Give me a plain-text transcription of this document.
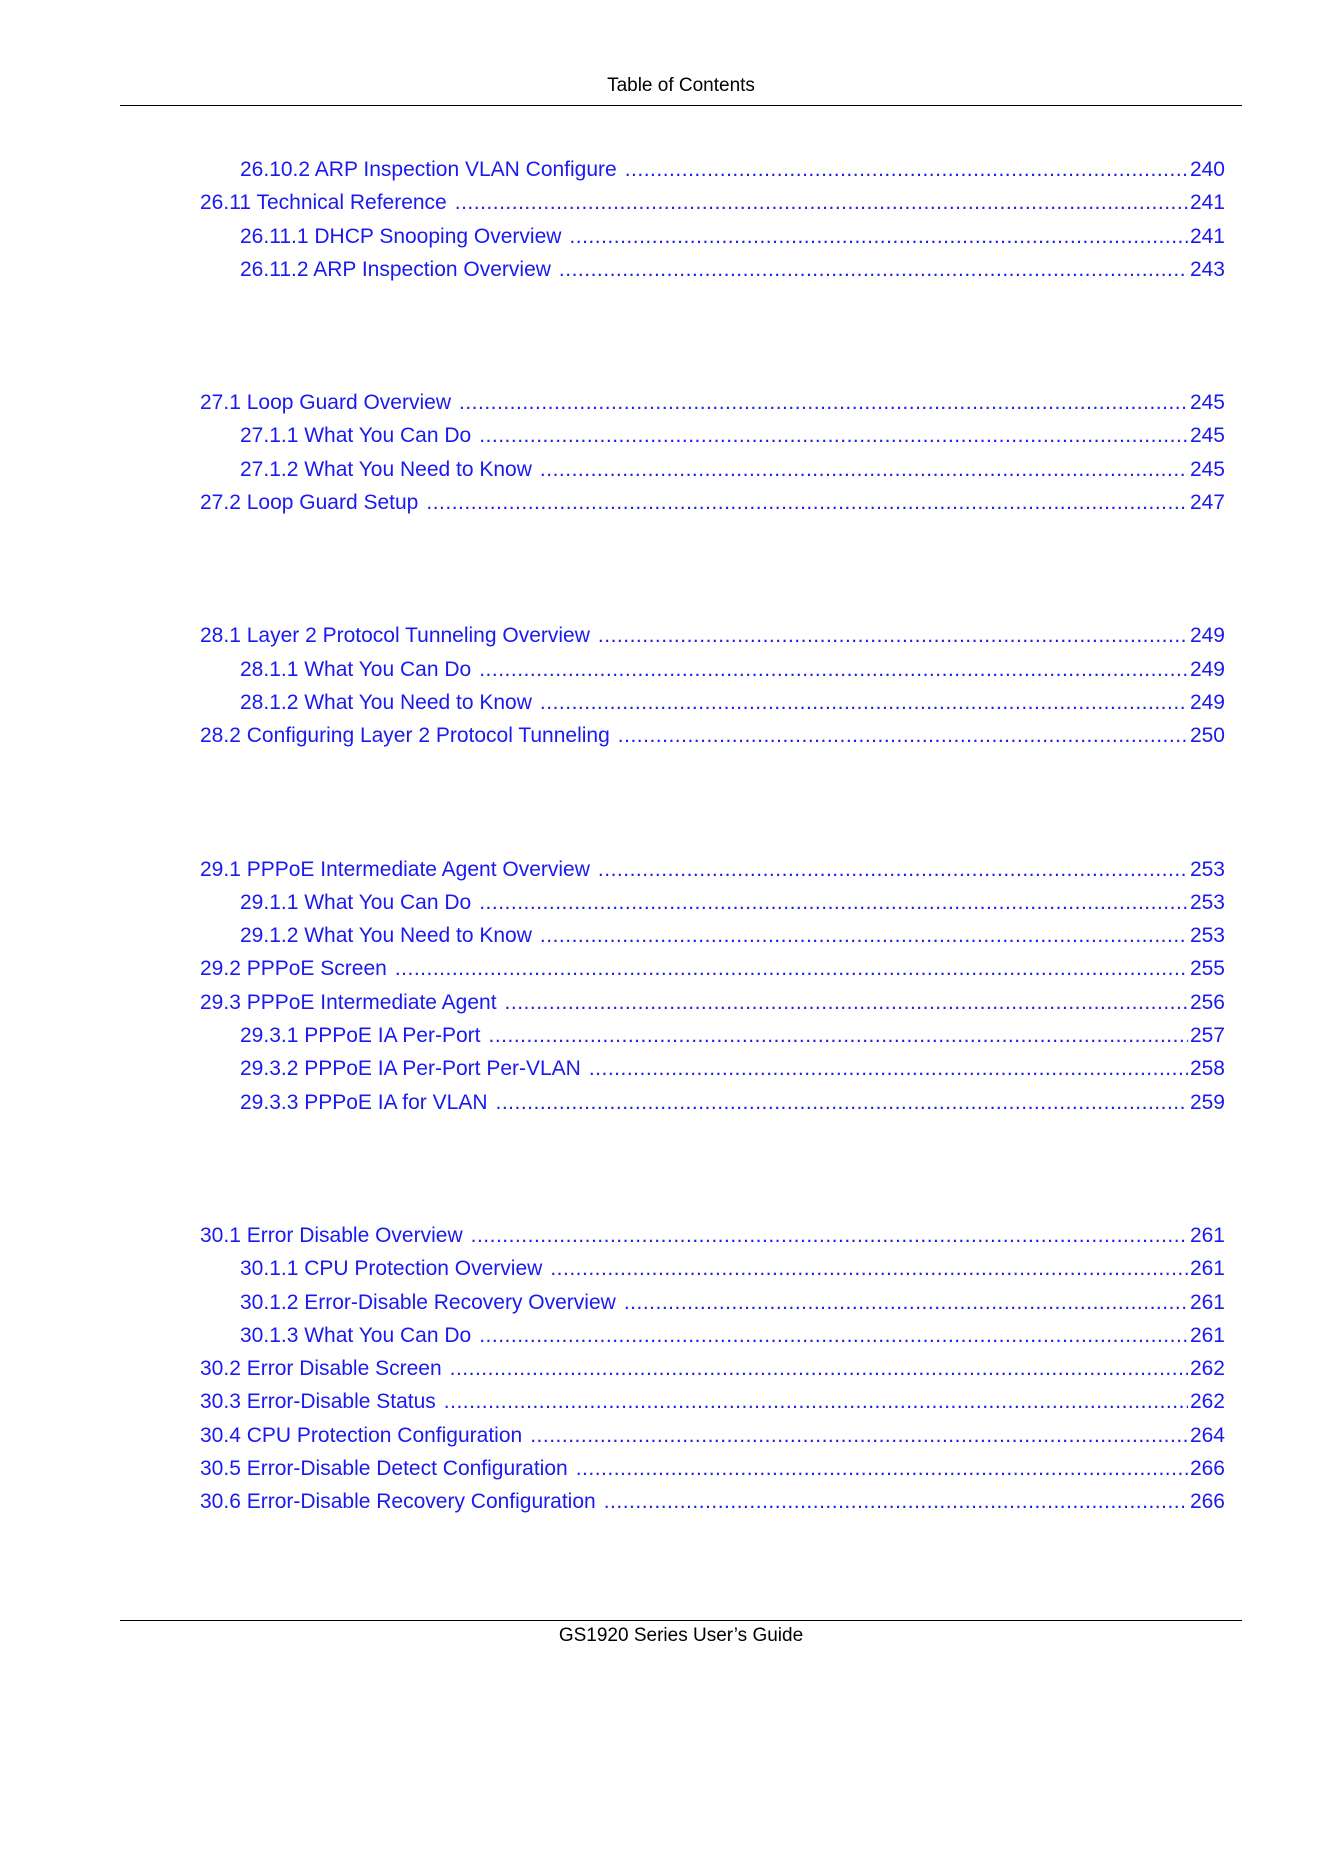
Table of Contents
26.10.2 ARP Inspection VLAN Configure .....	240
26.11 Technical Reference .....	241
26.11.1 DHCP Snooping Overview .....	241
26.11.2 ARP Inspection Overview .....	243
27.1 Loop Guard Overview .....	245
27.1.1 What You Can Do .....	245
27.1.2 What You Need to Know .....	245
27.2 Loop Guard Setup .....	247
28.1 Layer 2 Protocol Tunneling Overview .....	249
28.1.1 What You Can Do .....	249
28.1.2 What You Need to Know .....	249
28.2 Configuring Layer 2 Protocol Tunneling .....	250
29.1 PPPoE Intermediate Agent Overview .....	253
29.1.1 What You Can Do .....	253
29.1.2 What You Need to Know .....	253
29.2 PPPoE Screen .....	255
29.3 PPPoE Intermediate Agent .....	256
29.3.1 PPPoE IA Per-Port .....	257
29.3.2 PPPoE IA Per-Port Per-VLAN .....	258
29.3.3 PPPoE IA for VLAN .....	259
30.1 Error Disable Overview .....	261
30.1.1 CPU Protection Overview .....	261
30.1.2 Error-Disable Recovery Overview .....	261
30.1.3 What You Can Do .....	261
30.2 Error Disable Screen .....	262
30.3 Error-Disable Status .....	262
30.4 CPU Protection Configuration .....	264
30.5 Error-Disable Detect Configuration .....	266
30.6 Error-Disable Recovery Configuration .....	266
GS1920 Series User’s Guide
